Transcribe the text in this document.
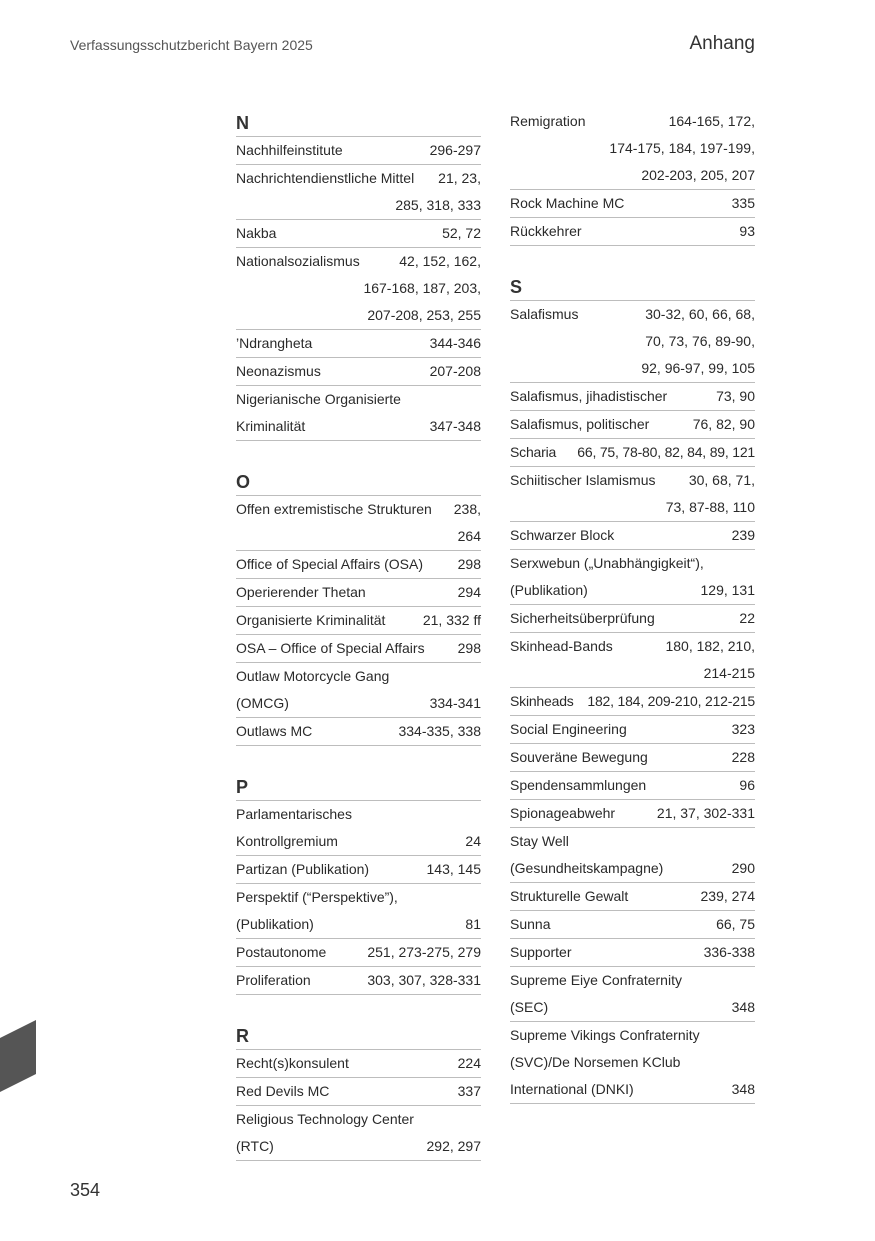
Verfassungsschutzbericht Bayern 2025	Anhang
N
Nachhilfeinstitute	296-297
Nachrichtendienstliche Mittel 21, 23,
285, 318, 333
Nakba	52, 72
Nationalsozialismus	42, 152, 162,
167-168, 187, 203,
207-208, 253, 255
’Ndrangheta	344-346
Neonazismus	207-208
Nigerianische Organisierte
Kriminalität	347-348
O
Offen extremistische Strukturen 238,
264
Office of Special Affairs (OSA) 298
Operierender Thetan	294
Organisierte Kriminalität	21, 332 ff
OSA – Office of Special Affairs 298
Outlaw Motorcycle Gang
(OMCG)	334-341
Outlaws MC	334-335, 338
P
Parlamentarisches
Kontrollgremium	24
Partizan (Publikation)	143, 145
Perspektif (“Perspektive”),
(Publikation)	81
Postautonome	251, 273-275, 279
Proliferation	303, 307, 328-331
R
Recht(s)konsulent	224
Red Devils MC	337
Religious Technology Center
(RTC)	292, 297
Remigration	164-165, 172,
174-175, 184, 197-199,
202-203, 205, 207
Rock Machine MC	335
Rückkehrer	93
S
Salafismus	30-32, 60, 66, 68,
70, 73, 76, 89-90,
92, 96-97, 99, 105
Salafismus, jihadistischer	73, 90
Salafismus, politischer	76, 82, 90
Scharia 66, 75, 78-80, 82, 84, 89, 121
Schiitischer Islamismus 30, 68, 71,
73, 87-88, 110
Schwarzer Block	239
Serxwebun („Unabhängigkeit“),
(Publikation)	129, 131
Sicherheitsüberprüfung	22
Skinhead-Bands	180, 182, 210,
214-215
Skinheads 182, 184, 209-210, 212-215
Social Engineering	323
Souveräne Bewegung	228
Spendensammlungen	96
Spionageabwehr	21, 37, 302-331
Stay Well
(Gesundheitskampagne)	290
Strukturelle Gewalt	239, 274
Sunna	66, 75
Supporter	336-338
Supreme Eiye Confraternity
(SEC)	348
Supreme Vikings Confraternity
(SVC)/De Norsemen KClub
International (DNKI)	348
354
